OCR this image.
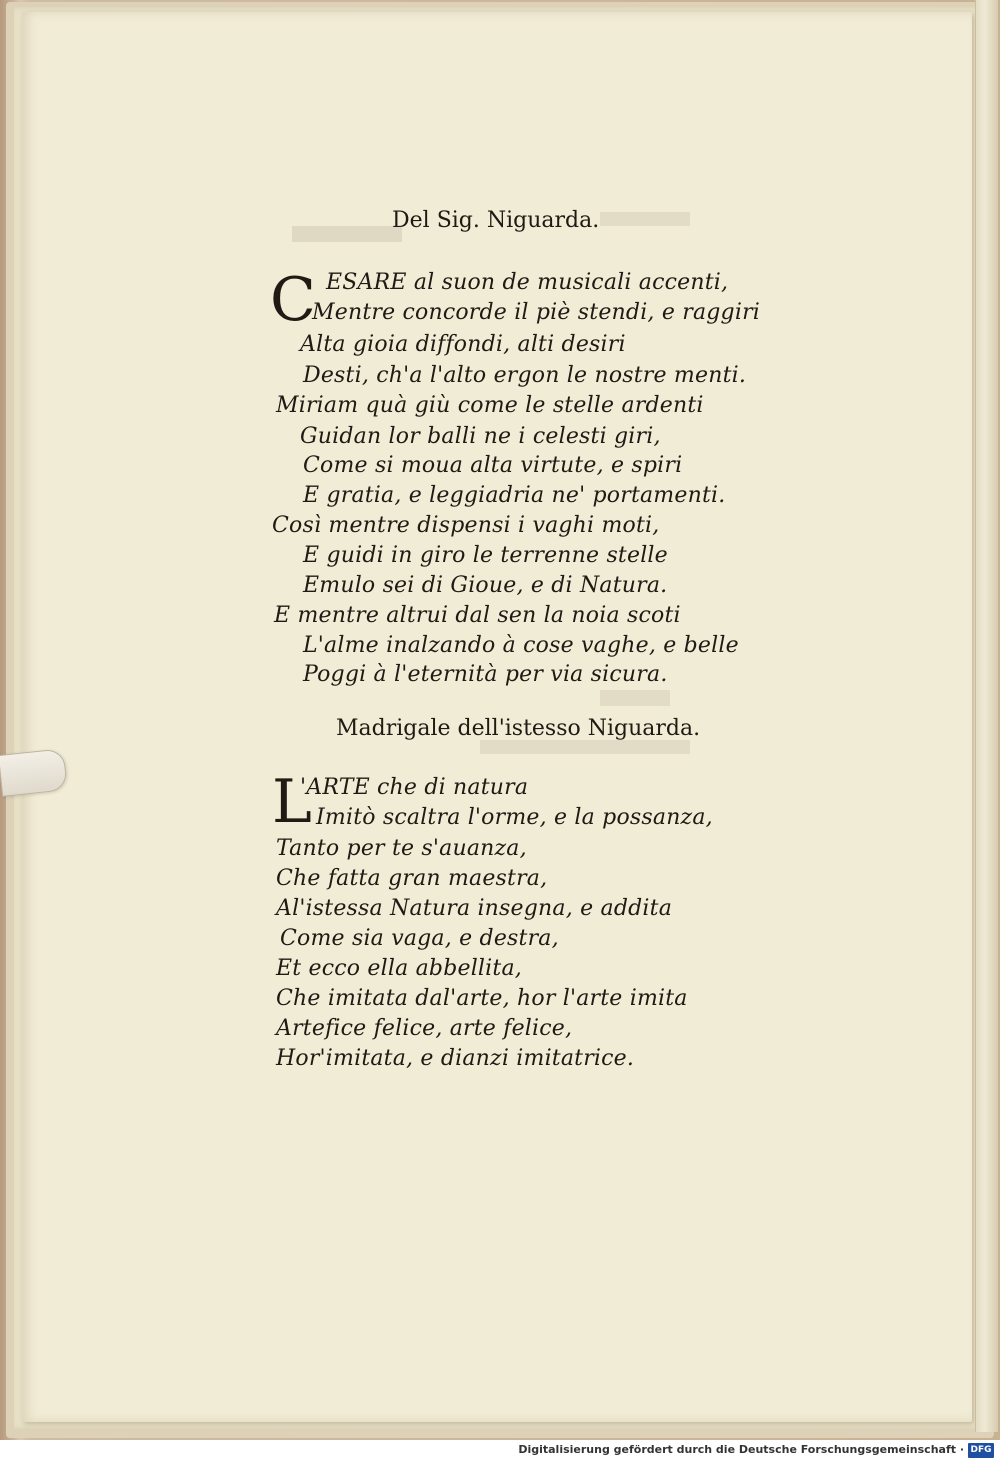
Del Sig. Niguarda.
C ESARE al suon de musicali accenti,
Mentre concorde il piè stendi, e raggiri
Alta gioia diffondi, alti desiri
Desti, ch'a l'alto ergon le nostre menti.
Miriam quà giù come le stelle ardenti
Guidan lor balli ne i celesti giri,
Come si moua alta virtute, e spiri
E gratia, e leggiadria ne' portamenti.
Così mentre dispensi i vaghi moti,
E guidi in giro le terrenne stelle
Emulo sei di Gioue, e di Natura.
E mentre altrui dal sen la noia scoti
L'alme inalzando à cose vaghe, e belle
Poggi à l'eternità per via sicura.
Madrigale dell'istesso Niguarda.
L
'ARTE che di natura
Imitò scaltra l'orme, e la possanza,
Tanto per te s'auanza,
Che fatta gran maestra,
Al'istessa Natura insegna, e addita
Come sia vaga, e destra,
Et ecco ella abbellita,
Che imitata dal'arte, hor l'arte imita
Artefice felice, arte felice,
Hor'imitata, e dianzi imitatrice.
Digitalisierung gefördert durch die Deutsche Forschungsgemeinschaft · DFG
